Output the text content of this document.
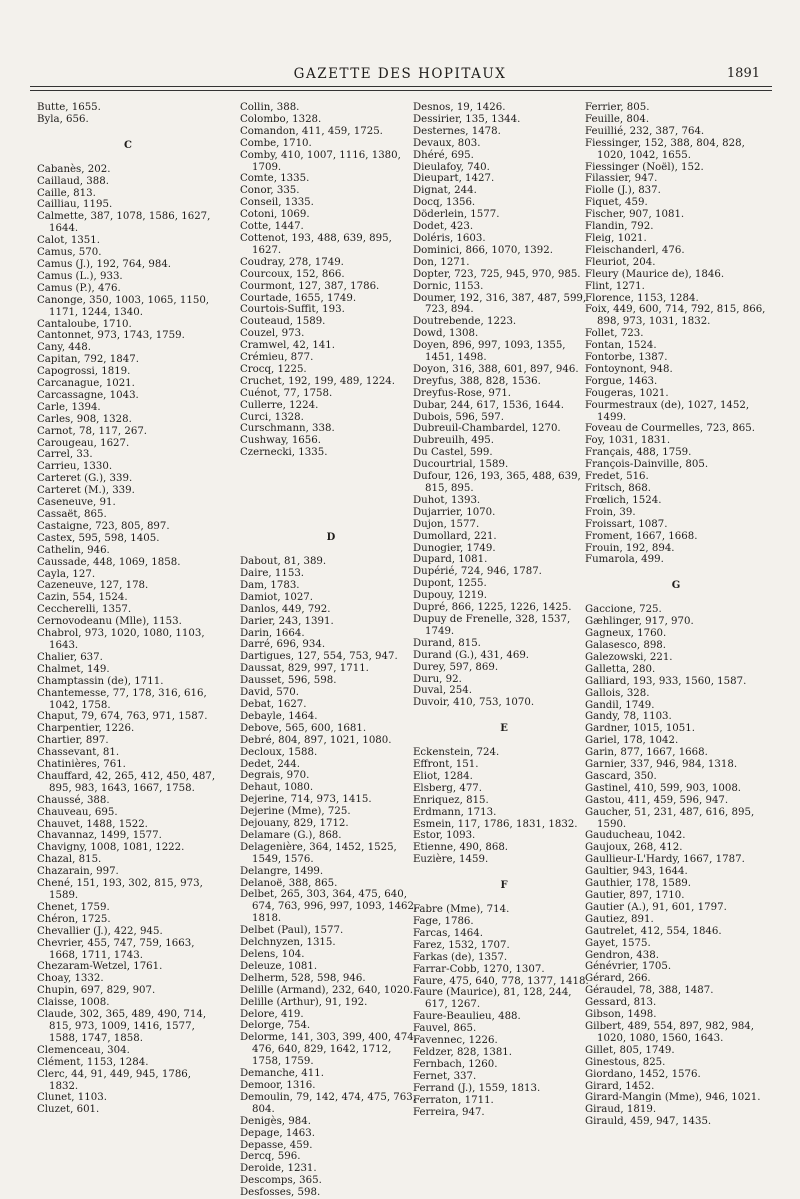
GAZETTE DES HOPITAUX	1891
Butte, 1655.
Byla, 656.
C
Cabanès, 202.
Caillaud, 388.
Caille, 813.
Cailliau, 1195.
Calmette, 387, 1078, 1586, 1627, 1644.
Calot, 1351.
Camus, 570.
Camus (J.), 192, 764, 984.
Camus (L.), 933.
Camus (P.), 476.
Canonge, 350, 1003, 1065, 1150, 1171, 1244, 1340.
Cantaloube, 1710.
Cantonnet, 973, 1743, 1759.
Cany, 448.
Capitan, 792, 1847.
Capogrossi, 1819.
Carcanague, 1021.
Carcassagne, 1043.
Carle, 1394.
Carles, 908, 1328.
Carnot, 78, 117, 267.
Carougeau, 1627.
Carrel, 33.
Carrieu, 1330.
Carteret (G.), 339.
Carteret (M.), 339.
Caseneuve, 91.
Cassaët, 865.
Castaigne, 723, 805, 897.
Castex, 595, 598, 1405.
Cathelin, 946.
Caussade, 448, 1069, 1858.
Cayla, 127.
Cazeneuve, 127, 178.
Cazin, 554, 1524.
Ceccherelli, 1357.
Cernovodeanu (Mlle), 1153.
Chabrol, 973, 1020, 1080, 1103, 1643.
Chalier, 637.
Chalmet, 149.
Champtassin (de), 1711.
Chantemesse, 77, 178, 316, 616, 1042, 1758.
Chaput, 79, 674, 763, 971, 1587.
Charpentier, 1226.
Chartier, 897.
Chassevant, 81.
Chatinières, 761.
Chauffard, 42, 265, 412, 450, 487, 895, 983, 1643, 1667, 1758.
Chaussé, 388.
Chauveau, 695.
Chauvet, 1488, 1522.
Chavannaz, 1499, 1577.
Chavigny, 1008, 1081, 1222.
Chazal, 815.
Chazarain, 997.
Chené, 151, 193, 302, 815, 973, 1589.
Chenet, 1759.
Chéron, 1725.
Chevallier (J.), 422, 945.
Chevrier, 455, 747, 759, 1663, 1668, 1711, 1743.
Chezaram-Wetzel, 1761.
Choay, 1332.
Chupin, 697, 829, 907.
Claisse, 1008.
Claude, 302, 365, 489, 490, 714, 815, 973, 1009, 1416, 1577, 1588, 1747, 1858.
Clemenceau, 304.
Clément, 1153, 1284.
Clerc, 44, 91, 449, 945, 1786, 1832.
Clunet, 1103.
Cluzet, 601.
Collin, 388.
Colombo, 1328.
Comandon, 411, 459, 1725.
Combe, 1710.
Comby, 410, 1007, 1116, 1380, 1709.
Comte, 1335.
Conor, 335.
Conseil, 1335.
Cotoni, 1069.
Cotte, 1447.
Cottenot, 193, 488, 639, 895, 1627.
Coudray, 278, 1749.
Courcoux, 152, 866.
Courmont, 127, 387, 1786.
Courtade, 1655, 1749.
Courtois-Suffit, 193.
Couteaud, 1589.
Couzel, 973.
Cramwel, 42, 141.
Crémieu, 877.
Crocq, 1225.
Cruchet, 192, 199, 489, 1224.
Cuénot, 77, 1758.
Cullerre, 1224.
Curci, 1328.
Curschmann, 338.
Cushway, 1656.
Czernecki, 1335.
D
Dabout, 81, 389.
Daire, 1153.
Dam, 1783.
Damiot, 1027.
Danlos, 449, 792.
Darier, 243, 1391.
Darin, 1664.
Darré, 696, 934.
Dartigues, 127, 554, 753, 947.
Daussat, 829, 997, 1711.
Dausset, 596, 598.
David, 570.
Debat, 1627.
Debayle, 1464.
Debove, 565, 600, 1681.
Debré, 804, 897, 1021, 1080.
Decloux, 1588.
Dedet, 244.
Degrais, 970.
Dehaut, 1080.
Dejerine, 714, 973, 1415.
Dejerine (Mme), 725.
Dejouany, 829, 1712.
Delamare (G.), 868.
Delagenière, 364, 1452, 1525, 1549, 1576.
Delangre, 1499.
Delanoë, 388, 865.
Delbet, 265, 303, 364, 475, 640, 674, 763, 996, 997, 1093, 1462, 1818.
Delbet (Paul), 1577.
Delchnyzen, 1315.
Delens, 104.
Deleuze, 1081.
Delherm, 528, 598, 946.
Delille (Armand), 232, 640, 1020.
Delille (Arthur), 91, 192.
Delore, 419.
Delorge, 754.
Delorme, 141, 303, 399, 400, 474, 476, 640, 829, 1642, 1712, 1758, 1759.
Demanche, 411.
Demoor, 1316.
Demoulin, 79, 142, 474, 475, 763, 804.
Denigès, 984.
Depage, 1463.
Depasse, 459.
Dercq, 596.
Deroide, 1231.
Descomps, 365.
Desfosses, 598.
Desnos, 19, 1426.
Dessirier, 135, 1344.
Desternes, 1478.
Devaux, 803.
Dhéré, 695.
Dieulafoy, 740.
Dieupart, 1427.
Dignat, 244.
Docq, 1356.
Döderlein, 1577.
Dodet, 423.
Doléris, 1603.
Dominici, 866, 1070, 1392.
Don, 1271.
Dopter, 723, 725, 945, 970, 985.
Dornic, 1153.
Doumer, 192, 316, 387, 487, 599, 723, 894.
Doutrebende, 1223.
Dowd, 1308.
Doyen, 896, 997, 1093, 1355, 1451, 1498.
Doyon, 316, 388, 601, 897, 946.
Dreyfus, 388, 828, 1536.
Dreyfus-Rose, 971.
Dubar, 244, 617, 1536, 1644.
Dubois, 596, 597.
Dubreuil-Chambardel, 1270.
Dubreuilh, 495.
Du Castel, 599.
Ducourtrial, 1589.
Dufour, 126, 193, 365, 488, 639, 815, 895.
Duhot, 1393.
Dujarrier, 1070.
Dujon, 1577.
Dumollard, 221.
Dunogier, 1749.
Dupard, 1081.
Dupérié, 724, 946, 1787.
Dupont, 1255.
Dupouy, 1219.
Dupré, 866, 1225, 1226, 1425.
Dupuy de Frenelle, 328, 1537, 1749.
Durand, 815.
Durand (G.), 431, 469.
Durey, 597, 869.
Duru, 92.
Duval, 254.
Duvoir, 410, 753, 1070.
E
Eckenstein, 724.
Effront, 151.
Eliot, 1284.
Elsberg, 477.
Enriquez, 815.
Erdmann, 1713.
Esmein, 117, 1786, 1831, 1832.
Estor, 1093.
Etienne, 490, 868.
Euzière, 1459.
F
Fabre (Mme), 714.
Fage, 1786.
Farcas, 1464.
Farez, 1532, 1707.
Farkas (de), 1357.
Farrar-Cobb, 1270, 1307.
Faure, 475, 640, 778, 1377, 1418.
Faure (Maurice), 81, 128, 244, 617, 1267.
Faure-Beaulieu, 488.
Fauvel, 865.
Favennec, 1226.
Feldzer, 828, 1381.
Fernbach, 1260.
Fernet, 337.
Ferrand (J.), 1559, 1813.
Ferraton, 1711.
Ferreira, 947.
Ferrier, 805.
Feuille, 804.
Feuillié, 232, 387, 764.
Fiessinger, 152, 388, 804, 828, 1020, 1042, 1655.
Fiessinger (Noël), 152.
Filassier, 947.
Fiolle (J.), 837.
Fiquet, 459.
Fischer, 907, 1081.
Flandin, 792.
Fleig, 1021.
Fleischanderl, 476.
Fleuriot, 204.
Fleury (Maurice de), 1846.
Flint, 1271.
Florence, 1153, 1284.
Foix, 449, 600, 714, 792, 815, 866, 898, 973, 1031, 1832.
Follet, 723.
Fontan, 1524.
Fontorbe, 1387.
Fontoynont, 948.
Forgue, 1463.
Fougeras, 1021.
Fourmestraux (de), 1027, 1452, 1499.
Foveau de Courmelles, 723, 865.
Foy, 1031, 1831.
Français, 488, 1759.
François-Dainville, 805.
Fredet, 516.
Fritsch, 868.
Frœlich, 1524.
Froin, 39.
Froissart, 1087.
Froment, 1667, 1668.
Frouin, 192, 894.
Fumarola, 499.
G
Gaccione, 725.
Gæhlinger, 917, 970.
Gagneux, 1760.
Galasesco, 898.
Galezowski, 221.
Galletta, 280.
Galliard, 193, 933, 1560, 1587.
Gallois, 328.
Gandil, 1749.
Gandy, 78, 1103.
Gardner, 1015, 1051.
Gariel, 178, 1042.
Garin, 877, 1667, 1668.
Garnier, 337, 946, 984, 1318.
Gascard, 350.
Gastinel, 410, 599, 903, 1008.
Gastou, 411, 459, 596, 947.
Gaucher, 51, 231, 487, 616, 895, 1590.
Gauducheau, 1042.
Gaujoux, 268, 412.
Gaullieur-L'Hardy, 1667, 1787.
Gaultier, 943, 1644.
Gauthier, 178, 1589.
Gautier, 897, 1710.
Gautier (A.), 91, 601, 1797.
Gautiez, 891.
Gautrelet, 412, 554, 1846.
Gayet, 1575.
Gendron, 438.
Génévrier, 1705.
Gérard, 266.
Géraudel, 78, 388, 1487.
Gessard, 813.
Gibson, 1498.
Gilbert, 489, 554, 897, 982, 984, 1020, 1080, 1560, 1643.
Gillet, 805, 1749.
Ginestous, 825.
Giordano, 1452, 1576.
Girard, 1452.
Girard-Mangin (Mme), 946, 1021.
Giraud, 1819.
Girauld, 459, 947, 1435.
